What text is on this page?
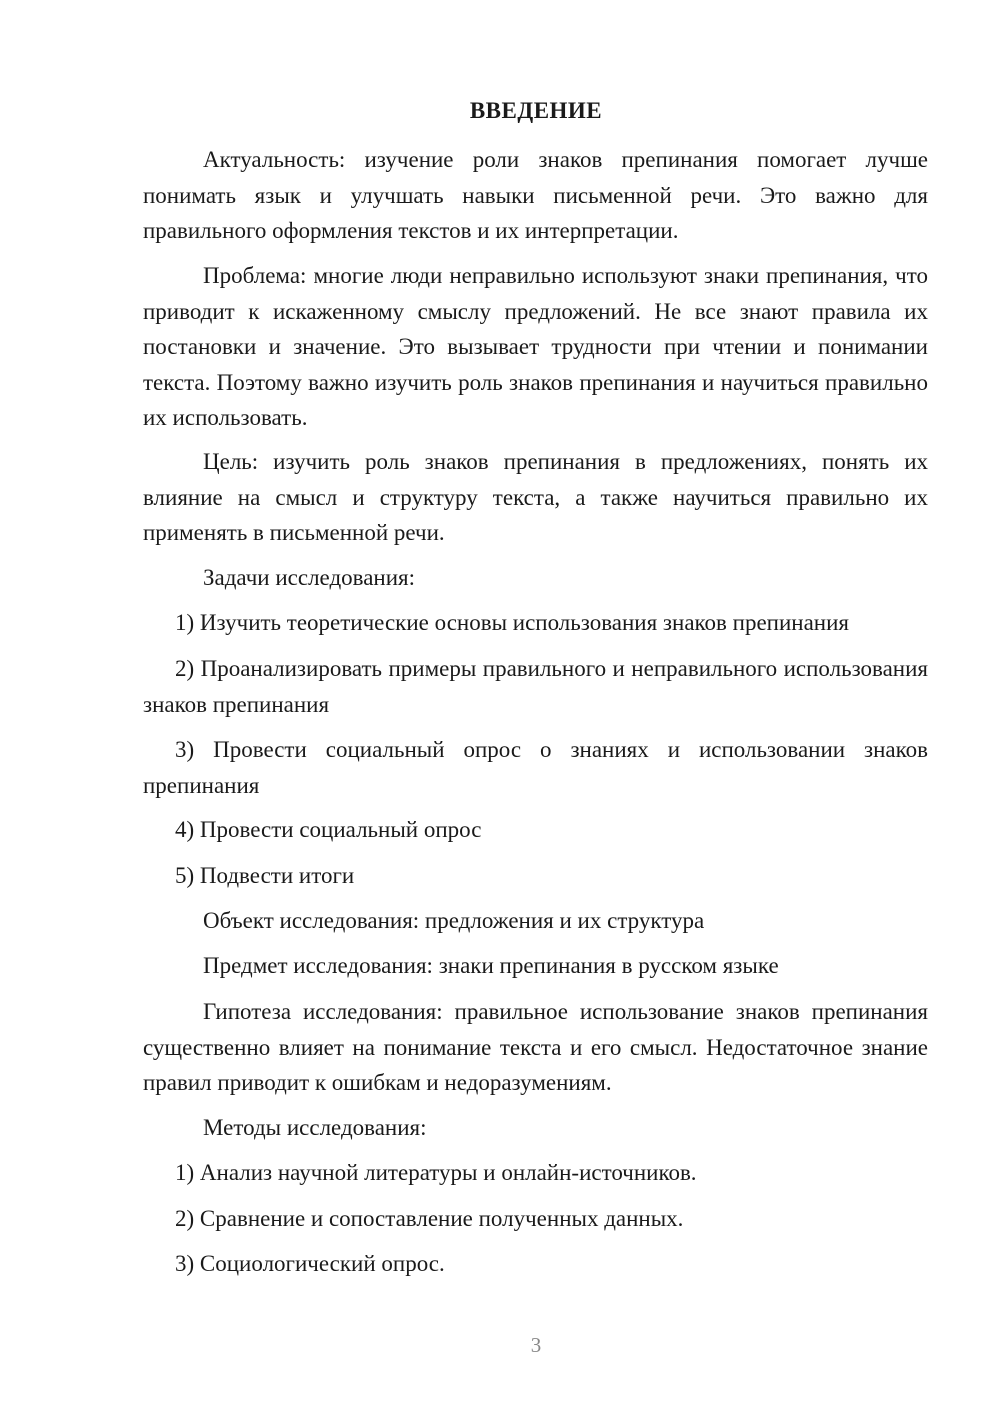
ВВЕДЕНИЕ

Актуальность: изучение роли знаков препинания помогает лучше понимать язык и улучшать навыки письменной речи. Это важно для правильного оформления текстов и их интерпретации.

Проблема: многие люди неправильно используют знаки препинания, что приводит к искаженному смыслу предложений. Не все знают правила их постановки и значение. Это вызывает трудности при чтении и понимании текста. Поэтому важно изучить роль знаков препинания и научиться правильно их использовать.

Цель: изучить роль знаков препинания в предложениях, понять их влияние на смысл и структуру текста, а также научиться правильно их применять в письменной речи.

Задачи исследования:

1) Изучить теоретические основы использования знаков препинания

2) Проанализировать примеры правильного и неправильного использования знаков препинания

3) Провести социальный опрос о знаниях и использовании знаков препинания

4) Провести социальный опрос

5) Подвести итоги

Объект исследования: предложения и их структура

Предмет исследования: знаки препинания в русском языке

Гипотеза исследования: правильное использование знаков препинания существенно влияет на понимание текста и его смысл. Недостаточное знание правил приводит к ошибкам и недоразумениям.

Методы исследования:

1) Анализ научной литературы и онлайн-источников.

2) Сравнение и сопоставление полученных данных.

3) Социологический опрос.

3
